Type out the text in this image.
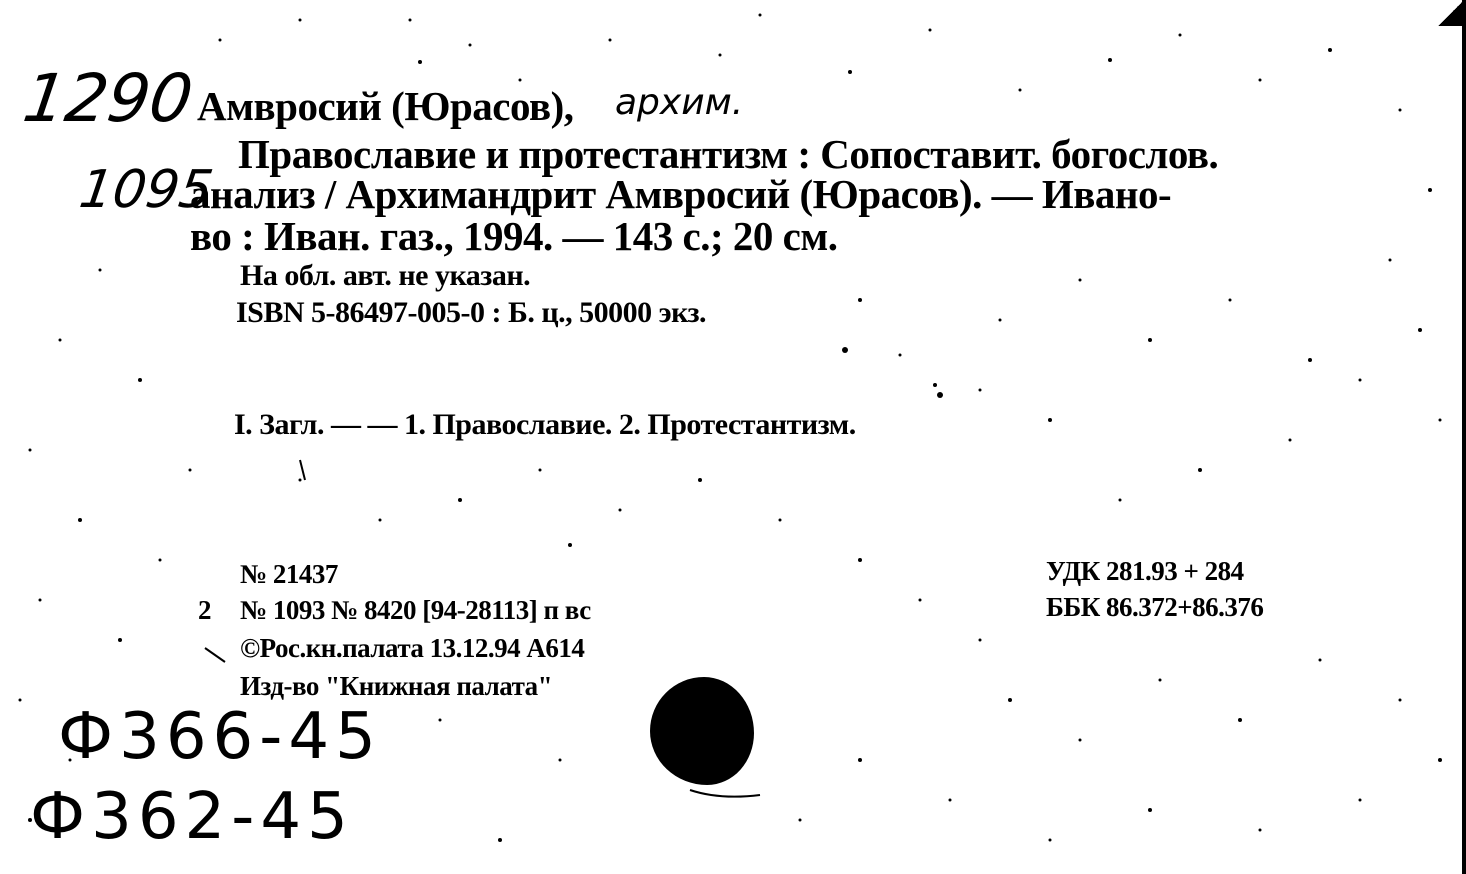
1290
1095
архим.
Амвросий (Юрасов),
Православие и протестантизм : Сопоставит. богослов.
анализ / Архимандрит Амвросий (Юрасов). — Ивано-
во : Иван. газ., 1994. — 143 с.; 20 см.
На обл. авт. не указан.
ISBN 5-86497-005-0 : Б. ц., 50000 экз.
I. Загл. — — 1. Православие. 2. Протестантизм.
№ 21437
2 № 1093 № 8420 [94-28113] п вс
©Рос.кн.палата 13.12.94 А614
Изд-во "Книжная палата"
УДК 281.93 + 284
ББК 86.372+86.376
Ф366-45
Ф362-45
